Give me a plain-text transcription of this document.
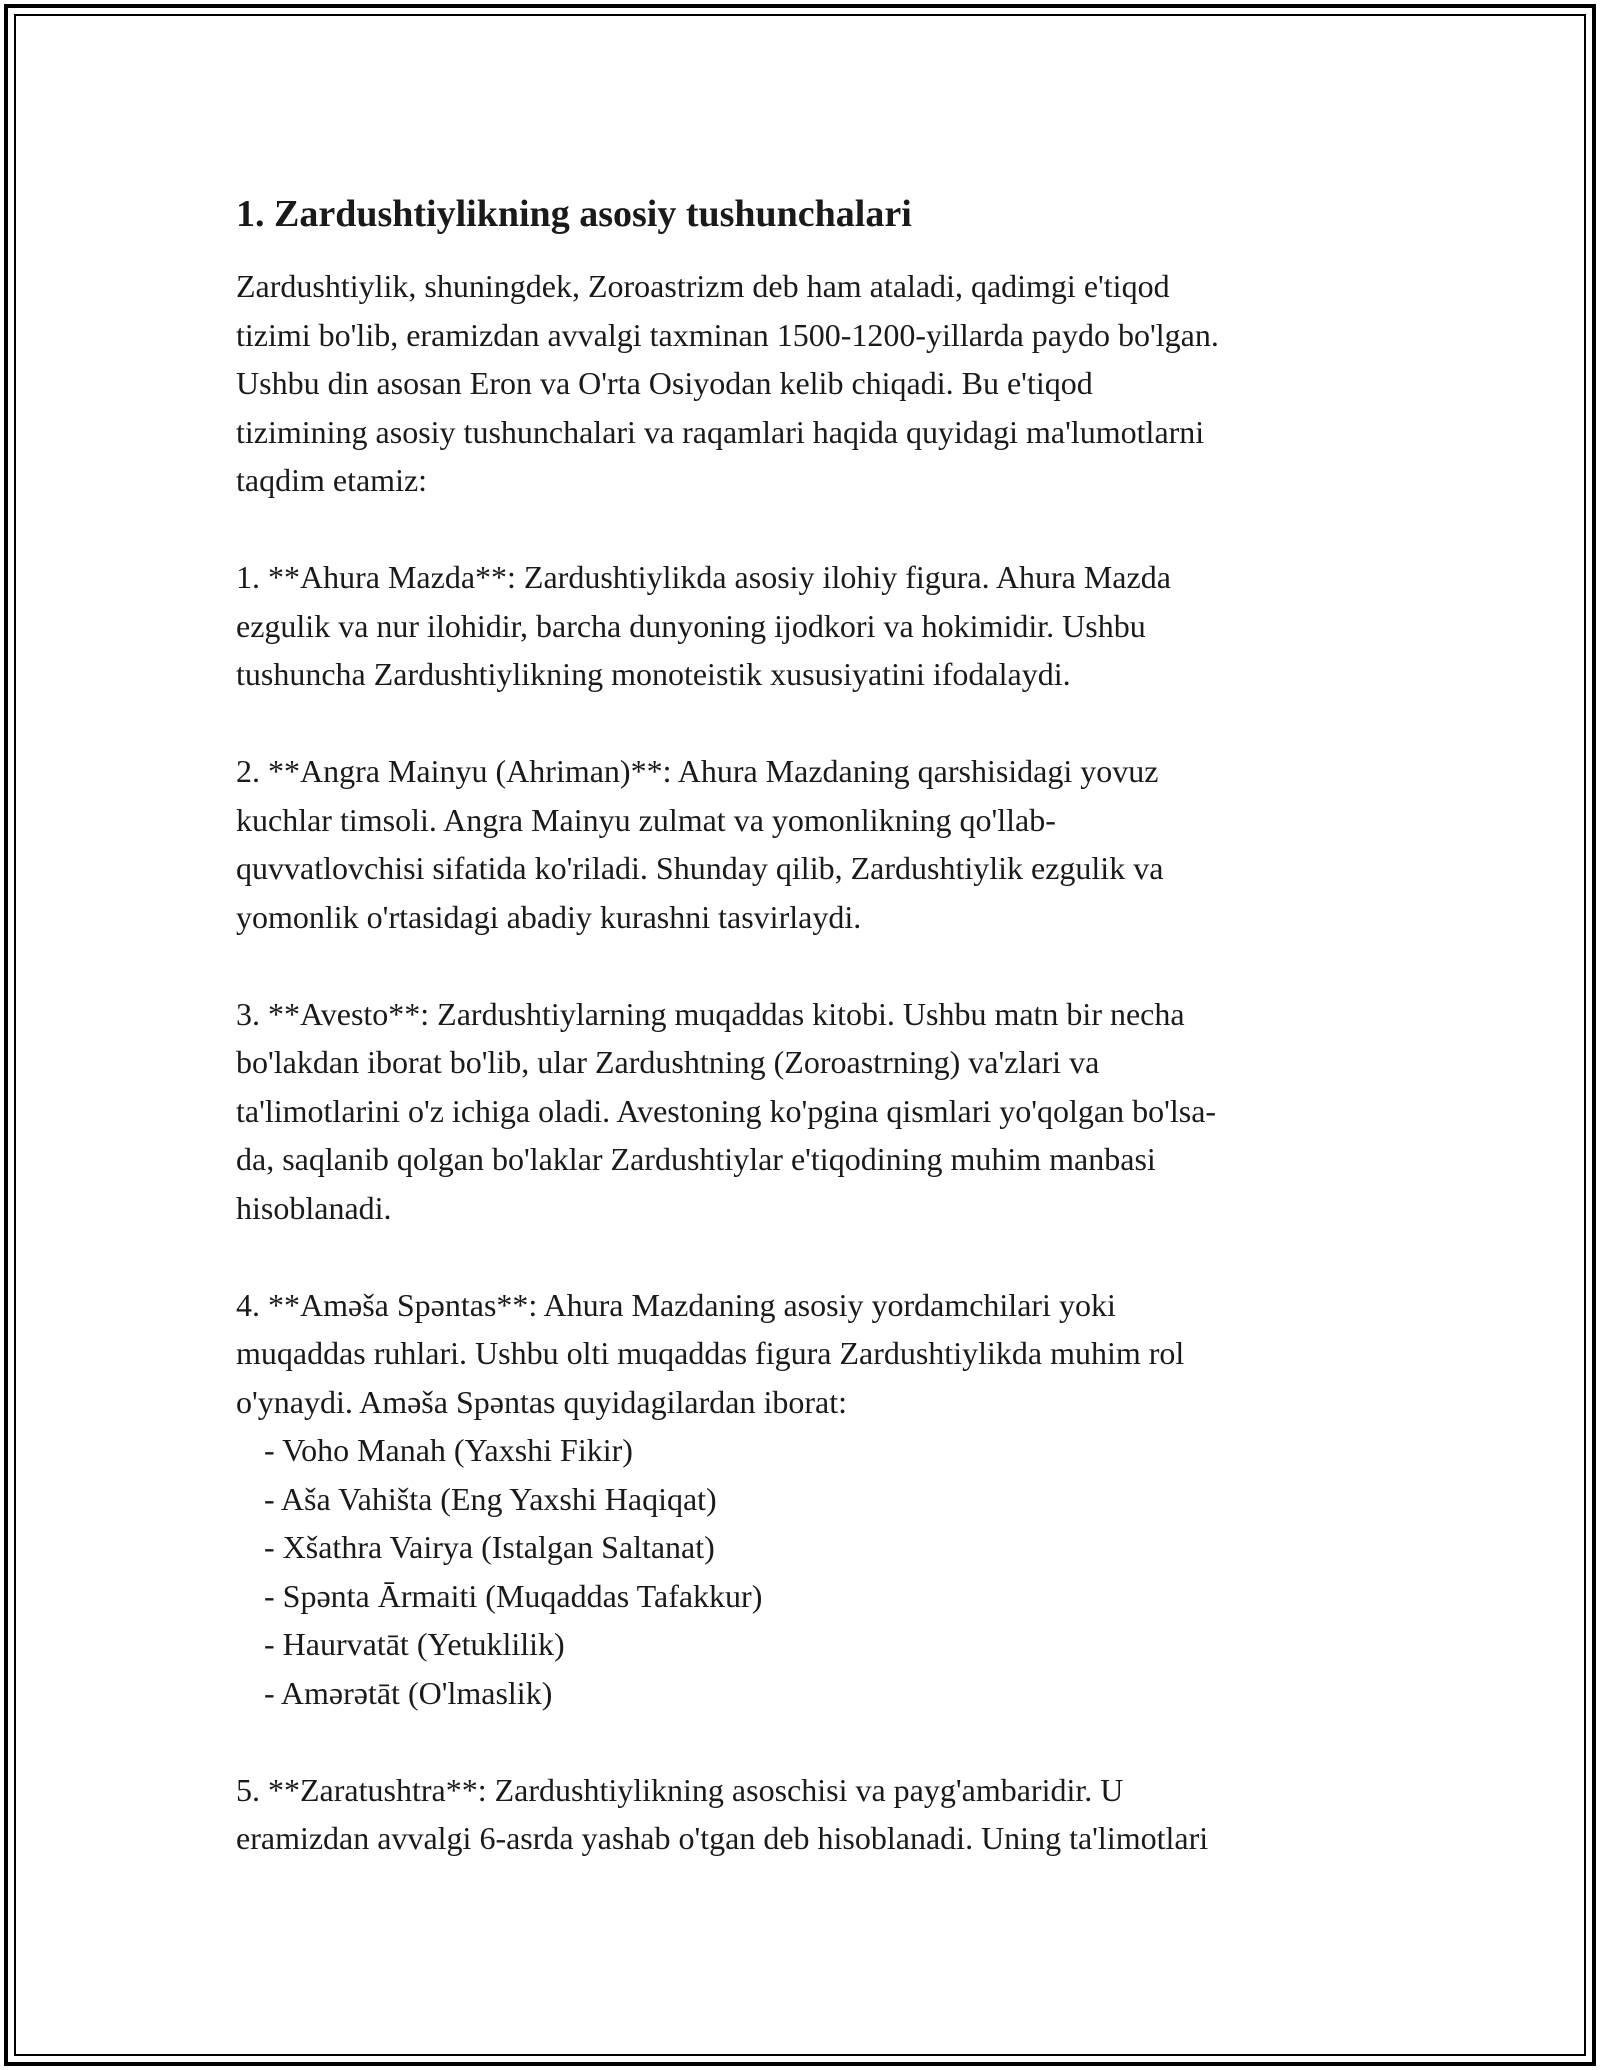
1. Zardushtiylikning asosiy tushunchalari
Zardushtiylik, shuningdek, Zoroastrizm deb ham ataladi, qadimgi e'tiqod
tizimi bo'lib, eramizdan avvalgi taxminan 1500-1200-yillarda paydo bo'lgan.
Ushbu din asosan Eron va O'rta Osiyodan kelib chiqadi. Bu e'tiqod
tizimining asosiy tushunchalari va raqamlari haqida quyidagi ma'lumotlarni
taqdim etamiz:
1. **Ahura Mazda**: Zardushtiylikda asosiy ilohiy figura. Ahura Mazda
ezgulik va nur ilohidir, barcha dunyoning ijodkori va hokimidir. Ushbu
tushuncha Zardushtiylikning monoteistik xususiyatini ifodalaydi.
2. **Angra Mainyu (Ahriman)**: Ahura Mazdaning qarshisidagi yovuz
kuchlar timsoli. Angra Mainyu zulmat va yomonlikning qo'llab-
quvvatlovchisi sifatida ko'riladi. Shunday qilib, Zardushtiylik ezgulik va
yomonlik o'rtasidagi abadiy kurashni tasvirlaydi.
3. **Avesto**: Zardushtiylarning muqaddas kitobi. Ushbu matn bir necha
bo'lakdan iborat bo'lib, ular Zardushtning (Zoroastrning) va'zlari va
ta'limotlarini o'z ichiga oladi. Avestoning ko'pgina qismlari yo'qolgan bo'lsa-
da, saqlanib qolgan bo'laklar Zardushtiylar e'tiqodining muhim manbasi
hisoblanadi.
4. **Aməša Spəntas**: Ahura Mazdaning asosiy yordamchilari yoki
muqaddas ruhlari. Ushbu olti muqaddas figura Zardushtiylikda muhim rol
o'ynaydi. Aməša Spəntas quyidagilardan iborat:
- Voho Manah (Yaxshi Fikir)
- Aša Vahišta (Eng Yaxshi Haqiqat)
- Xšathra Vairya (Istalgan Saltanat)
- Spənta Ārmaiti (Muqaddas Tafakkur)
- Haurvatāt (Yetuklilik)
- Amərətāt (O'lmaslik)
5. **Zaratushtra**: Zardushtiylikning asoschisi va payg'ambaridir. U
eramizdan avvalgi 6-asrda yashab o'tgan deb hisoblanadi. Uning ta'limotlari
